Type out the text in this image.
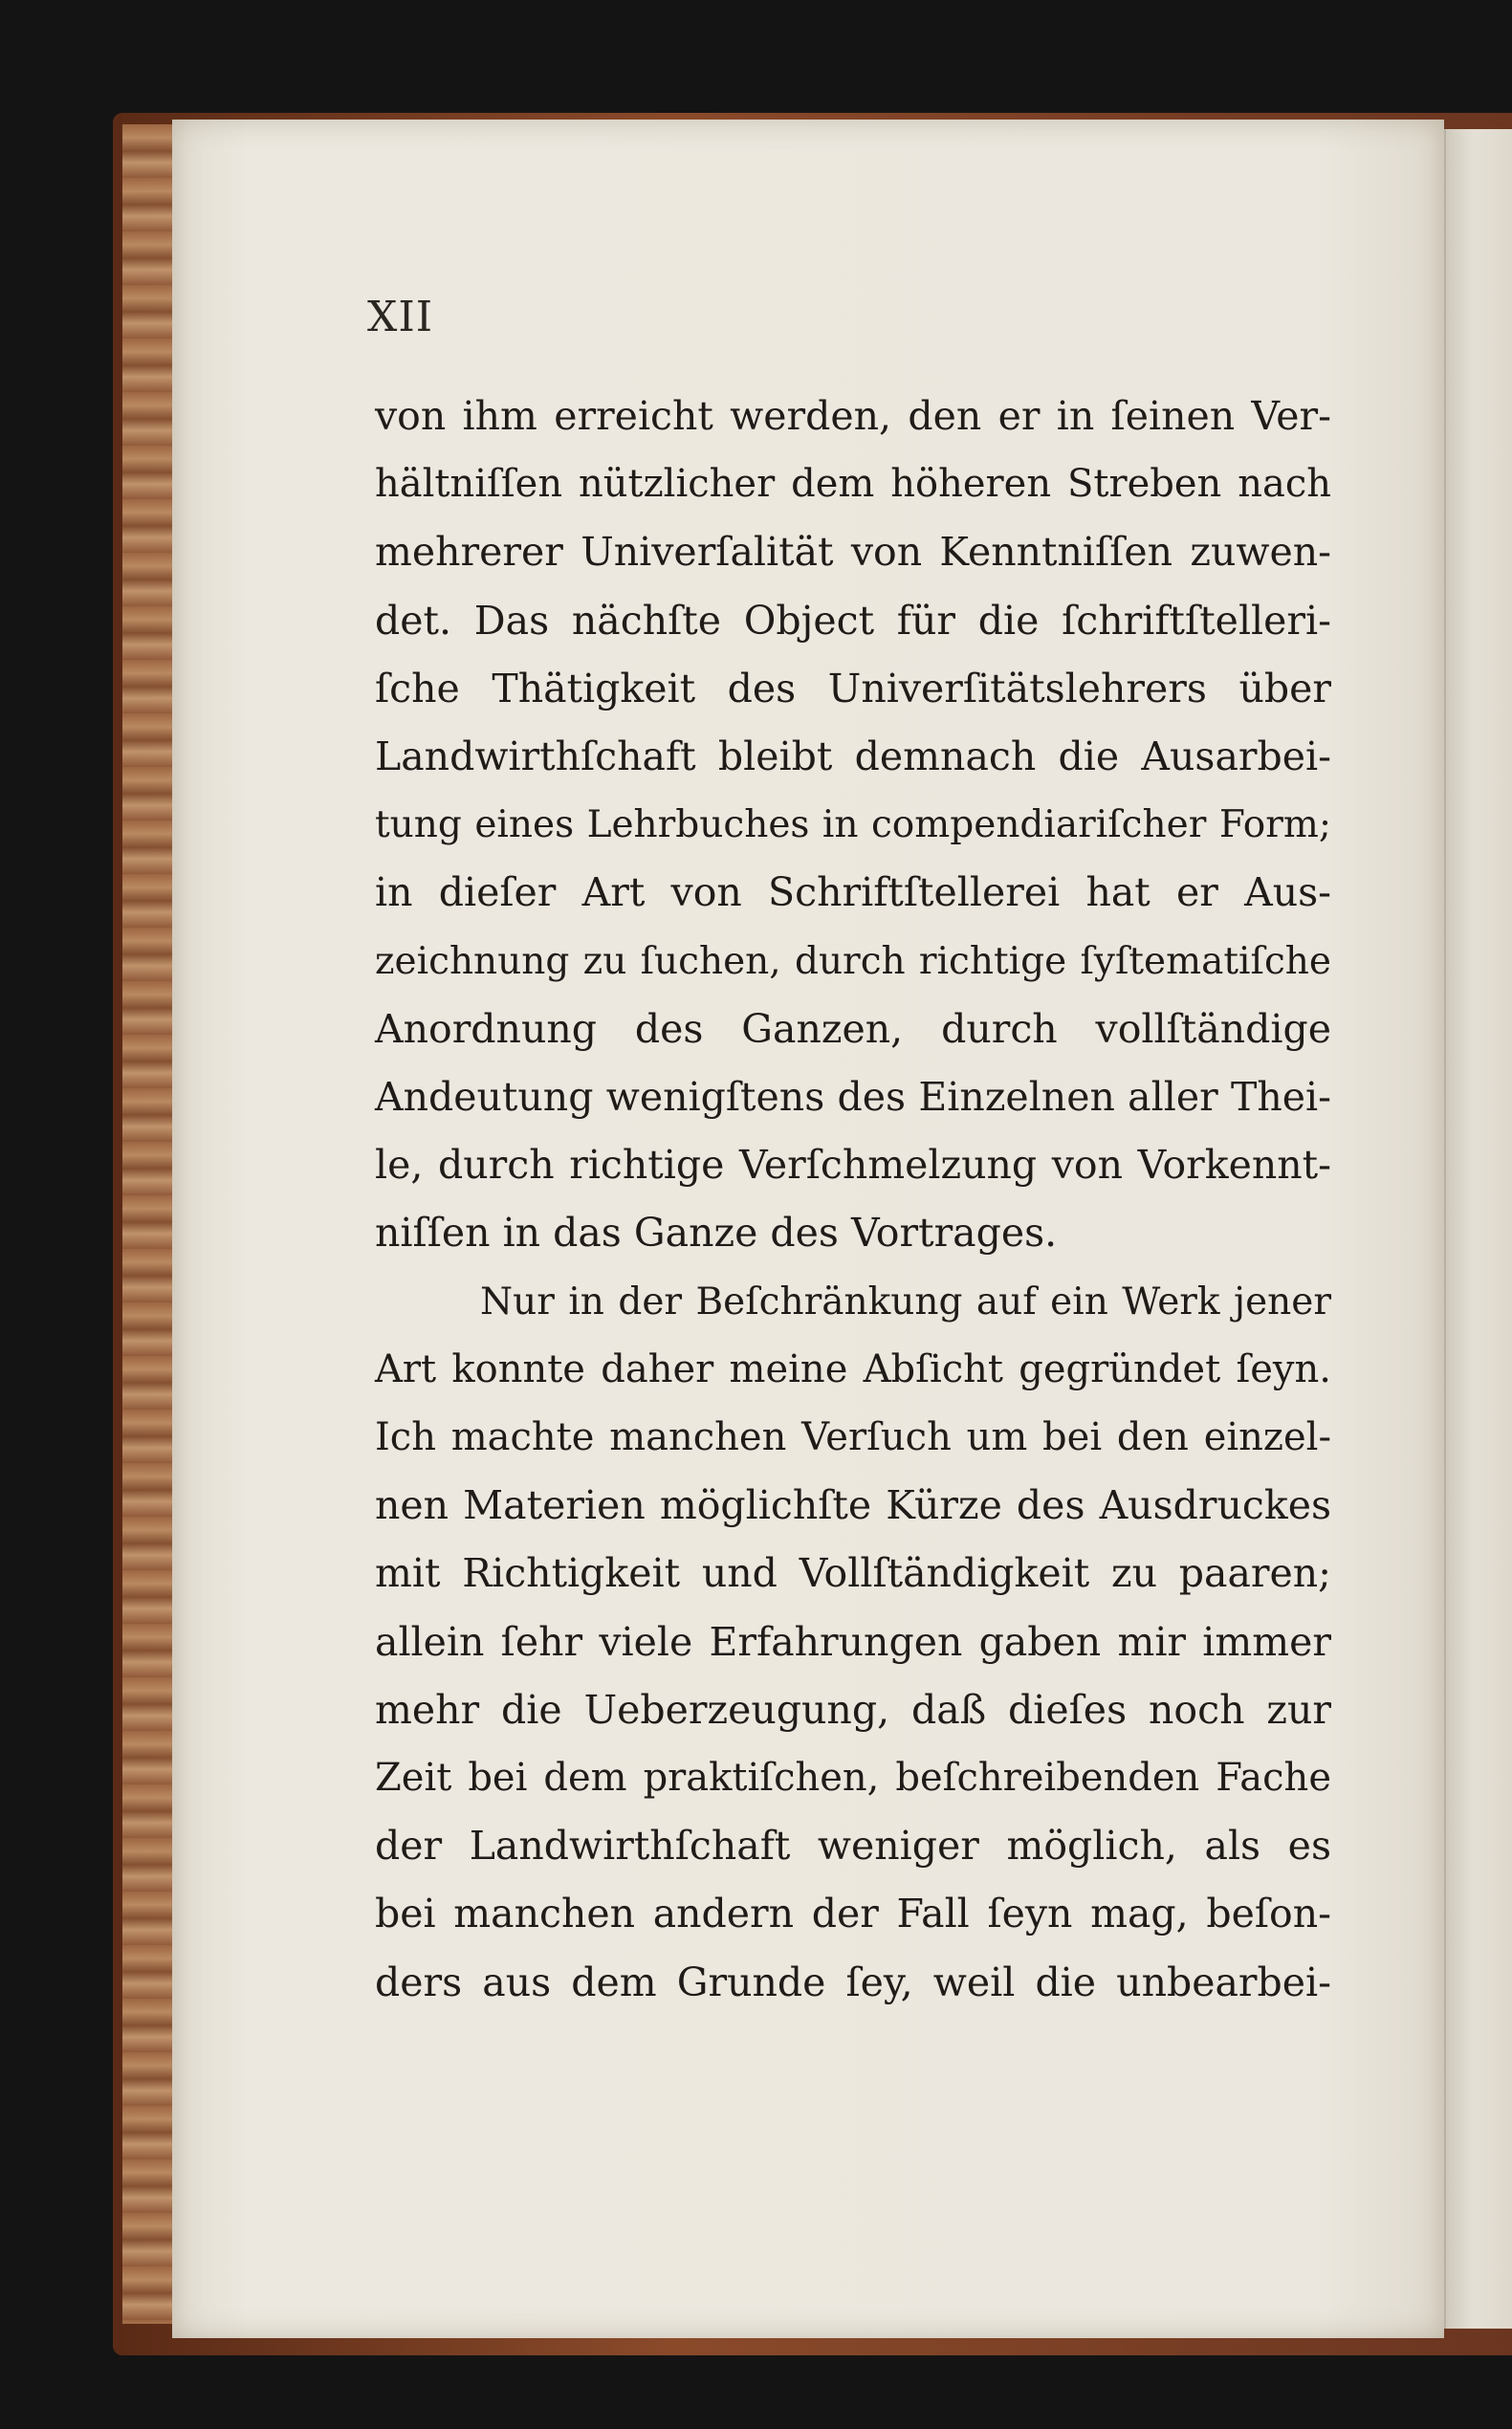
XII
von ihm erreicht werden, den er in ſeinen Ver‑
hältniſſen nützlicher dem höheren Streben nach
mehrerer Univerſalität von Kenntniſſen zuwen‑
det. Das nächſte Object für die ſchriftſtelleri‑
ſche Thätigkeit des Univerſitätslehrers über
Landwirthſchaft bleibt demnach die Ausarbei‑
tung eines Lehrbuches in compendiariſcher Form;
in dieſer Art von Schriftſtellerei hat er Aus‑
zeichnung zu ſuchen, durch richtige ſyſtematiſche
Anordnung des Ganzen, durch vollſtändige
Andeutung wenigſtens des Einzelnen aller Thei‑
le, durch richtige Verſchmelzung von Vorkennt‑
niſſen in das Ganze des Vortrages.
Nur in der Beſchränkung auf ein Werk jener
Art konnte daher meine Abſicht gegründet ſeyn.
Ich machte manchen Verſuch um bei den einzel‑
nen Materien möglichſte Kürze des Ausdruckes
mit Richtigkeit und Vollſtändigkeit zu paaren;
allein ſehr viele Erfahrungen gaben mir immer
mehr die Ueberzeugung, daß dieſes noch zur
Zeit bei dem praktiſchen, beſchreibenden Fache
der Landwirthſchaft weniger möglich, als es
bei manchen andern der Fall ſeyn mag, beſon‑
ders aus dem Grunde ſey, weil die unbearbei‑
